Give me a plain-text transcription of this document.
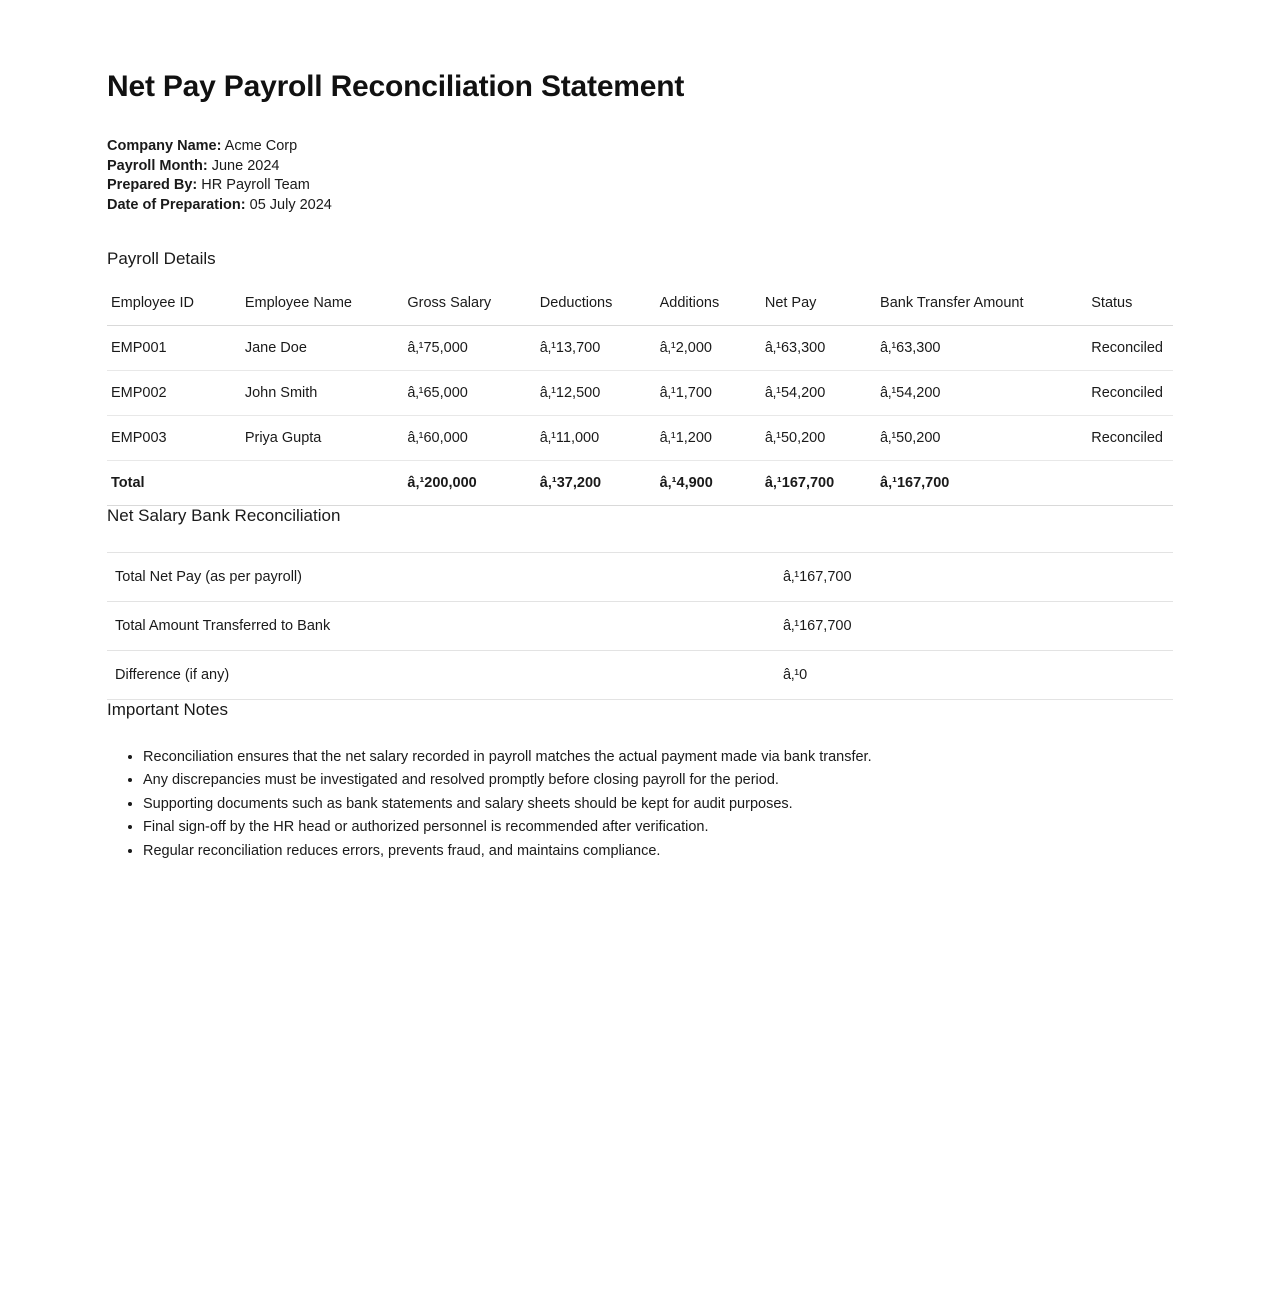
Net Pay Payroll Reconciliation Statement
Company Name: Acme Corp
Payroll Month: June 2024
Prepared By: HR Payroll Team
Date of Preparation: 05 July 2024
Payroll Details
Employee ID	Employee Name	Gross Salary	Deductions	Additions	Net Pay	Bank Transfer Amount	Status
EMP001	Jane Doe	â‚¹75,000	â‚¹13,700	â‚¹2,000	â‚¹63,300	â‚¹63,300	Reconciled
EMP002	John Smith	â‚¹65,000	â‚¹12,500	â‚¹1,700	â‚¹54,200	â‚¹54,200	Reconciled
EMP003	Priya Gupta	â‚¹60,000	â‚¹11,000	â‚¹1,200	â‚¹50,200	â‚¹50,200	Reconciled
Total		â‚¹200,000	â‚¹37,200	â‚¹4,900	â‚¹167,700	â‚¹167,700	
Net Salary Bank Reconciliation
Total Net Pay (as per payroll)	â‚¹167,700
Total Amount Transferred to Bank	â‚¹167,700
Difference (if any)	â‚¹0
Important Notes
• Reconciliation ensures that the net salary recorded in payroll matches the actual payment made via bank transfer.
• Any discrepancies must be investigated and resolved promptly before closing payroll for the period.
• Supporting documents such as bank statements and salary sheets should be kept for audit purposes.
• Final sign-off by the HR head or authorized personnel is recommended after verification.
• Regular reconciliation reduces errors, prevents fraud, and maintains compliance.
